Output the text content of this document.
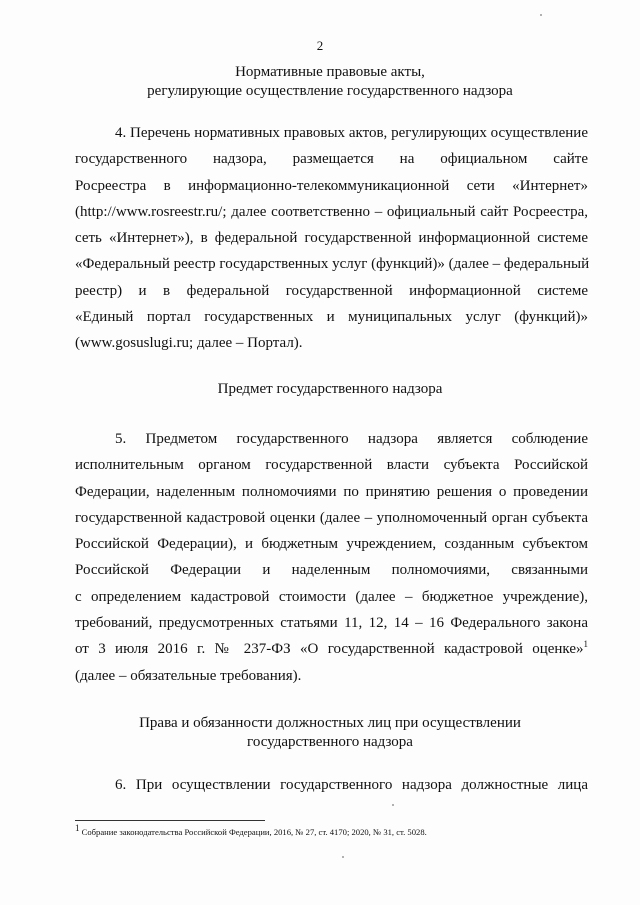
2
Нормативные правовые акты,
регулирующие осуществление государственного надзора
4. Перечень нормативных правовых актов, регулирующих осуществление
государственного надзора, размещается на официальном сайте
Росреестра в информационно-телекоммуникационной сети «Интернет»
(http://www.rosreestr.ru/; далее соответственно – официальный сайт Росреестра,
сеть «Интернет»), в федеральной государственной информационной системе
«Федеральный реестр государственных услуг (функций)» (далее – федеральный
реестр) и в федеральной государственной информационной системе
«Единый портал государственных и муниципальных услуг (функций)»
(www.gosuslugi.ru; далее – Портал).
Предмет государственного надзора
5. Предметом государственного надзора является соблюдение
исполнительным органом государственной власти субъекта Российской
Федерации, наделенным полномочиями по принятию решения о проведении
государственной кадастровой оценки (далее – уполномоченный орган субъекта
Российской Федерации), и бюджетным учреждением, созданным субъектом
Российской Федерации и наделенным полномочиями, связанными
с определением кадастровой стоимости (далее – бюджетное учреждение),
требований, предусмотренных статьями 11, 12, 14 – 16 Федерального закона
от 3 июля 2016 г. № 237-ФЗ «О государственной кадастровой оценке»$^1$
(далее – обязательные требования).
Права и обязанности должностных лиц при осуществлении
государственного надзора
6. При осуществлении государственного надзора должностные лица
$^1$ Собрание законодательства Российской Федерации, 2016, № 27, ст. 4170; 2020, № 31, ст. 5028.
